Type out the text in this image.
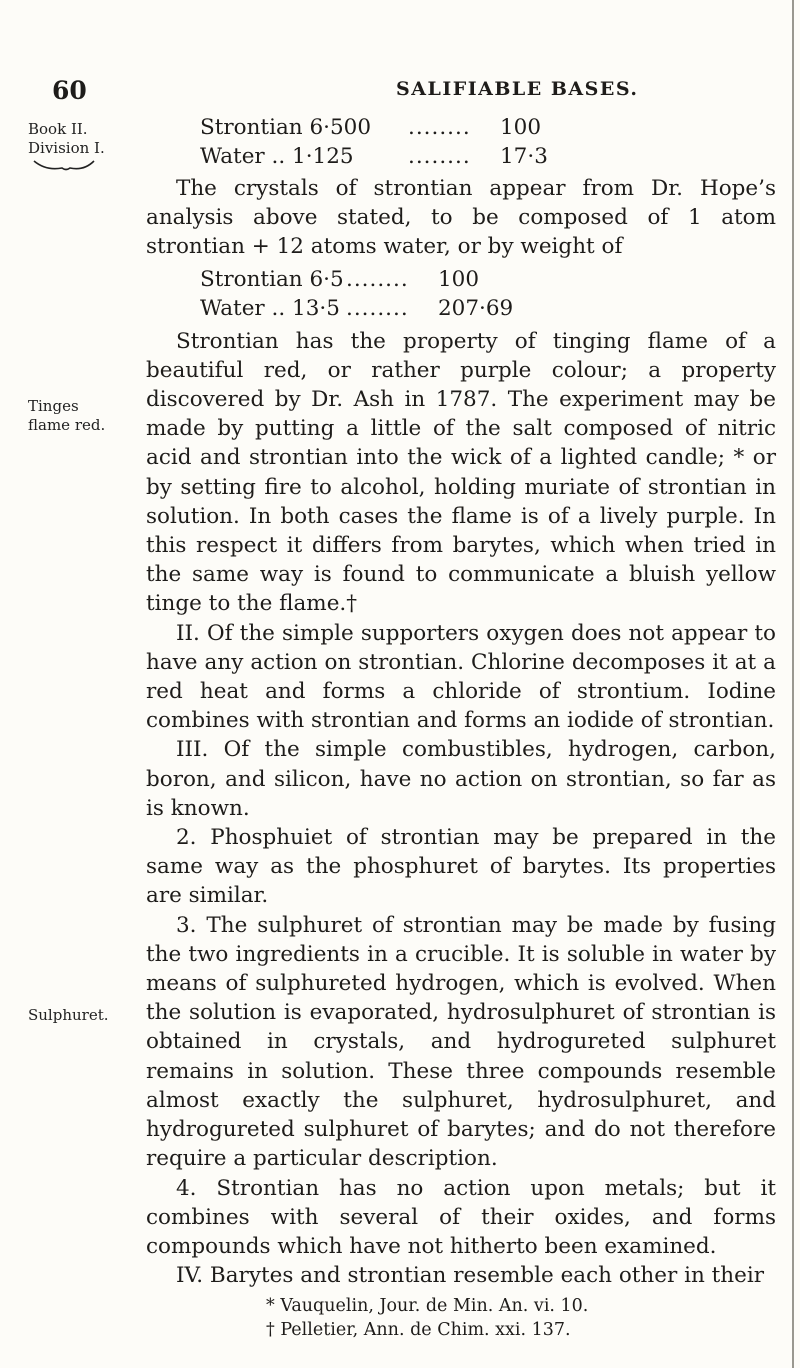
60	SALIFIABLE BASES.
Book II.
Division I.
Tinges
flame red.
Sulphuret.
Strontian 6·500 ........ 100
Water .. 1·125	........ 17·3

The crystals of strontian appear from Dr. Hope’s analysis above stated, to be composed of 1 atom strontian + 12 atoms water, or by weight of

Strontian 6·5 ........ 100
Water .. 13·5 ........ 207·69

Strontian has the property of tinging flame of a beautiful red, or rather purple colour; a property discovered by Dr. Ash in 1787. The experiment may be made by putting a little of the salt composed of nitric acid and strontian into the wick of a lighted candle; * or by setting fire to alcohol, holding muriate of strontian in solution. In both cases the flame is of a lively purple. In this respect it differs from barytes, which when tried in the same way is found to communicate a bluish yellow tinge to the flame.†

II. Of the simple supporters oxygen does not appear to have any action on strontian. Chlorine decomposes it at a red heat and forms a chloride of strontium. Iodine combines with strontian and forms an iodide of strontian.

III. Of the simple combustibles, hydrogen, carbon, boron, and silicon, have no action on strontian, so far as is known.

2. Phosphuiet of strontian may be prepared in the same way as the phosphuret of barytes. Its properties are similar.

3. The sulphuret of strontian may be made by fusing the two ingredients in a crucible. It is soluble in water by means of sulphureted hydrogen, which is evolved. When the solution is evaporated, hydrosulphuret of strontian is obtained in crystals, and hydrogureted sulphuret remains in solution. These three compounds resemble almost exactly the sulphuret, hydrosulphuret, and hydrogureted sulphuret of barytes; and do not therefore require a particular description.

4. Strontian has no action upon metals; but it combines with several of their oxides, and forms compounds which have not hitherto been examined.

IV. Barytes and strontian resemble each other in their

* Vauquelin, Jour. de Min. An. vi. 10.
† Pelletier, Ann. de Chim. xxi. 137.
